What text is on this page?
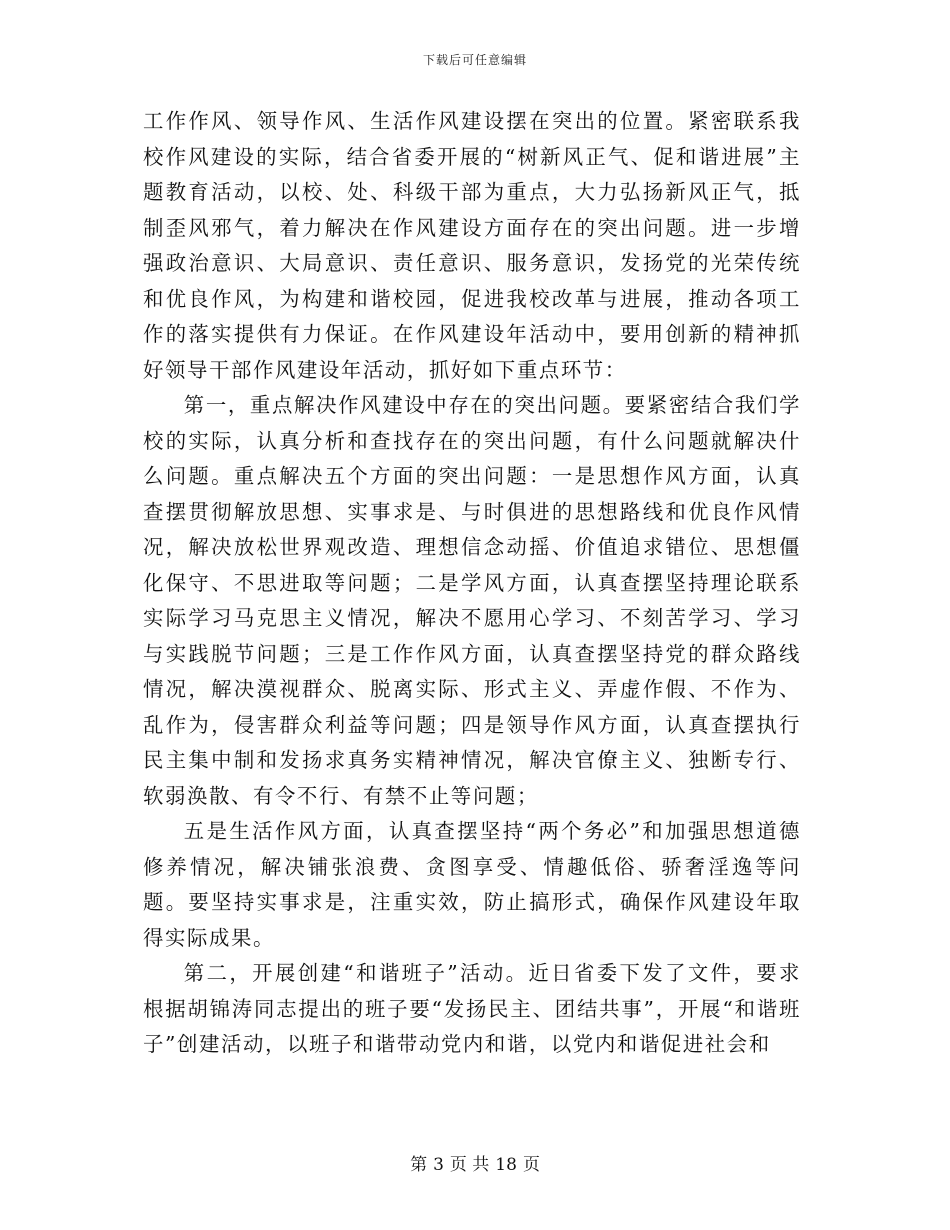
下载后可任意编辑

工作作风、领导作风、生活作风建设摆在突出的位置。紧密联系我校作风建设的实际，结合省委开展的“树新风正气、促和谐进展”主题教育活动，以校、处、科级干部为重点，大力弘扬新风正气，抵制歪风邪气，着力解决在作风建设方面存在的突出问题。进一步增强政治意识、大局意识、责任意识、服务意识，发扬党的光荣传统和优良作风，为构建和谐校园，促进我校改革与进展，推动各项工作的落实提供有力保证。在作风建设年活动中，要用创新的精神抓好领导干部作风建设年活动，抓好如下重点环节：

第一，重点解决作风建设中存在的突出问题。要紧密结合我们学校的实际，认真分析和查找存在的突出问题，有什么问题就解决什么问题。重点解决五个方面的突出问题：一是思想作风方面，认真查摆贯彻解放思想、实事求是、与时俱进的思想路线和优良作风情况，解决放松世界观改造、理想信念动摇、价值追求错位、思想僵化保守、不思进取等问题；二是学风方面，认真查摆坚持理论联系实际学习马克思主义情况，解决不愿用心学习、不刻苦学习、学习与实践脱节问题；三是工作作风方面，认真查摆坚持党的群众路线情况，解决漠视群众、脱离实际、形式主义、弄虚作假、不作为、乱作为，侵害群众利益等问题；四是领导作风方面，认真查摆执行民主集中制和发扬求真务实精神情况，解决官僚主义、独断专行、软弱涣散、有令不行、有禁不止等问题；

五是生活作风方面，认真查摆坚持“两个务必”和加强思想道德修养情况，解决铺张浪费、贪图享受、情趣低俗、骄奢淫逸等问题。要坚持实事求是，注重实效，防止搞形式，确保作风建设年取得实际成果。

第二，开展创建“和谐班子”活动。近日省委下发了文件，要求根据胡锦涛同志提出的班子要“发扬民主、团结共事”，开展“和谐班子”创建活动，以班子和谐带动党内和谐，以党内和谐促进社会和

第 3 页 共 18 页
